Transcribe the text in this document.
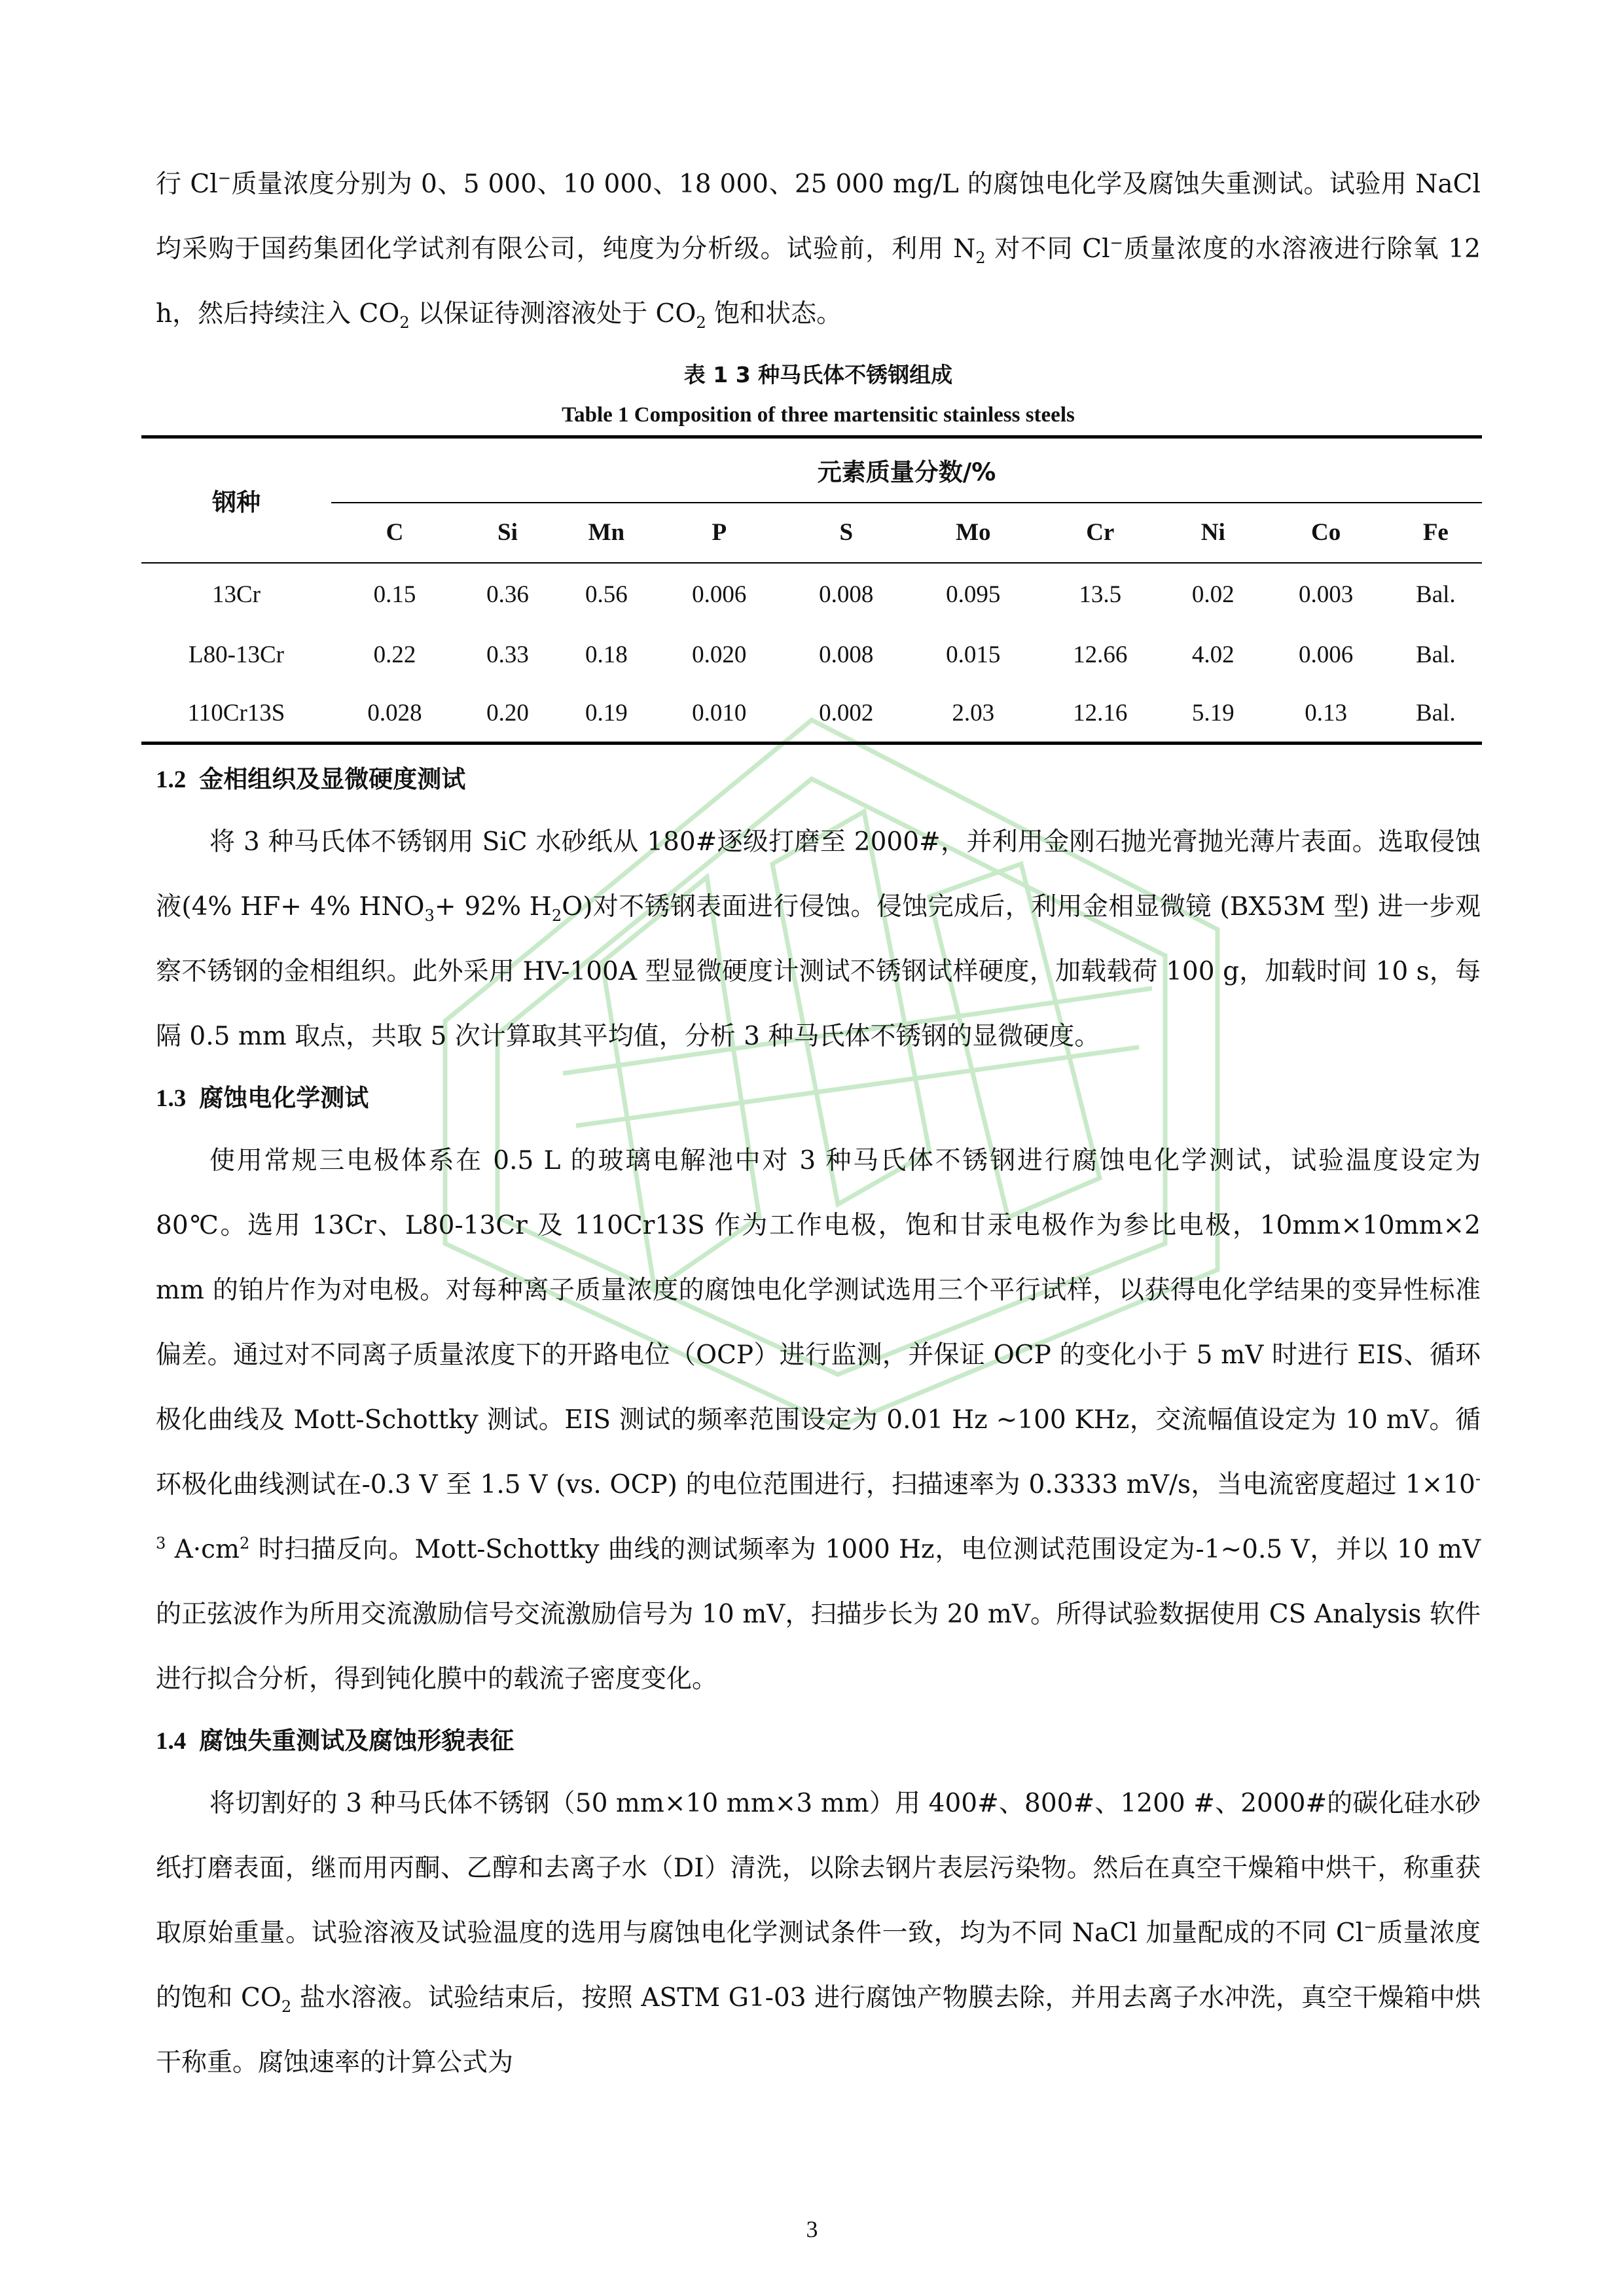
行 Cl−质量浓度分别为 0、5 000、10 000、18 000、25 000 mg/L 的腐蚀电化学及腐蚀失重测试。试验用 NaCl 均采购于国药集团化学试剂有限公司，纯度为分析级。试验前，利用 $N_2$ 对不同 Cl−质量浓度的水溶液进行除氧 12 h，然后持续注入 $CO_2$ 以保证待测溶液处于 $CO_2$ 饱和状态。

表 1 3 种马氏体不锈钢组成

Table 1 Composition of three martensitic stainless steels

钢种	元素质量分数/%									
	C	Si	Mn	P	S	Mo	Cr	Ni	Co	Fe
13Cr	0.15	0.36	0.56	0.006	0.008	0.095	13.5	0.02	0.003	Bal.
L80-13Cr	0.22	0.33	0.18	0.020	0.008	0.015	12.66	4.02	0.006	Bal.
110Cr13S	0.028	0.20	0.19	0.010	0.002	2.03	12.16	5.19	0.13	Bal.
1.2 金相组织及显微硬度测试

将 3 种马氏体不锈钢用 SiC 水砂纸从 180#逐级打磨至 2000#，并利用金刚石抛光膏抛光薄片表面。选取侵蚀液(4% HF+ 4% $HNO_3+ 92\%$ $H_2O$)对不锈钢表面进行侵蚀。侵蚀完成后，利用金相显微镜 (BX53M 型) 进一步观察不锈钢的金相组织。此外采用 HV-100A 型显微硬度计测试不锈钢试样硬度，加载载荷 100 g，加载时间 10 s，每隔 0.5 mm 取点，共取 5 次计算取其平均值，分析 3 种马氏体不锈钢的显微硬度。

1.3 腐蚀电化学测试

使用常规三电极体系在 0.5 L 的玻璃电解池中对 3 种马氏体不锈钢进行腐蚀电化学测试，试验温度设定为 80℃。选用 13Cr、L80-13Cr 及 110Cr13S 作为工作电极，饱和甘汞电极作为参比电极，10mm×10mm×2 mm 的铂片作为对电极。对每种离子质量浓度的腐蚀电化学测试选用三个平行试样，以获得电化学结果的变异性标准偏差。通过对不同离子质量浓度下的开路电位（OCP）进行监测，并保证 OCP 的变化小于 5 mV 时进行 EIS、循环极化曲线及 Mott-Schottky 测试。EIS 测试的频率范围设定为 0.01 Hz ~100 KHz，交流幅值设定为 10 mV。循环极化曲线测试在-0.3 V 至 1.5 V (vs. OCP) 的电位范围进行，扫描速率为 0.3333 mV/s，当电流密度超过 $1\times 10^{-3}$ $A\cdot cm^2$ 时扫描反向。Mott-Schottky 曲线的测试频率为 1000 Hz，电位测试范围设定为-1~0.5 V，并以 10 mV 的正弦波作为所用交流激励信号交流激励信号为 10 mV，扫描步长为 20 mV。所得试验数据使用 CS Analysis 软件进行拟合分析，得到钝化膜中的载流子密度变化。

1.4 腐蚀失重测试及腐蚀形貌表征

将切割好的 3 种马氏体不锈钢（50 mm×10 mm×3 mm）用 400#、800#、1200 #、2000#的碳化硅水砂纸打磨表面，继而用丙酮、乙醇和去离子水（DI）清洗，以除去钢片表层污染物。然后在真空干燥箱中烘干，称重获取原始重量。试验溶液及试验温度的选用与腐蚀电化学测试条件一致，均为不同 NaCl 加量配成的不同 Cl−质量浓度的饱和 $CO_2$ 盐水溶液。试验结束后，按照 ASTM G1-03 进行腐蚀产物膜去除，并用去离子水冲洗，真空干燥箱中烘干称重。腐蚀速率的计算公式为

3
